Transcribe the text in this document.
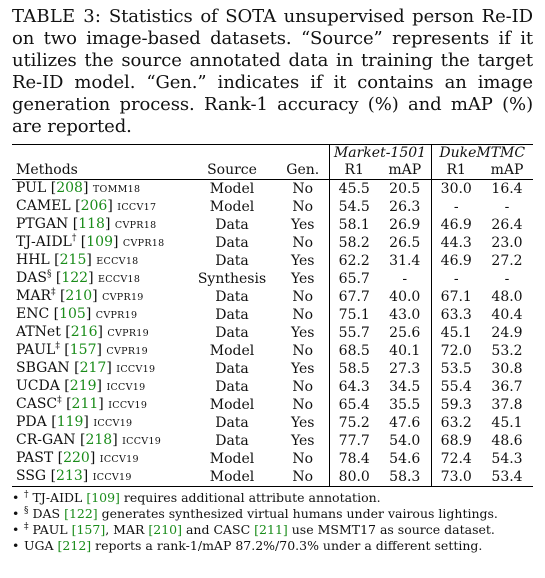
TABLE 3: Statistics of SOTA unsupervised person Re-ID on two image-based datasets. “Source” represents if it utilizes the source annotated data in training the target Re-ID model. “Gen.” indicates if it contains an image generation process. Rank-1 accuracy (%) and mAP (%) are reported.

			Market-1501		DukeMTMC	
Methods	Source	Gen.	R1	mAP	R1	mAP
PUL [208] TOMM18	Model	No	45.5	20.5	30.0	16.4
CAMEL [206] ICCV17	Model	No	54.5	26.3	-	-
PTGAN [118] CVPR18	Data	Yes	58.1	26.9	46.9	26.4
TJ-AIDL† [109] CVPR18	Data	No	58.2	26.5	44.3	23.0
HHL [215] ECCV18	Data	Yes	62.2	31.4	46.9	27.2
DAS§ [122] ECCV18	Synthesis	Yes	65.7	-	-	-
MAR‡ [210] CVPR19	Data	No	67.7	40.0	67.1	48.0
ENC [105] CVPR19	Data	No	75.1	43.0	63.3	40.4
ATNet [216] CVPR19	Data	Yes	55.7	25.6	45.1	24.9
PAUL‡ [157] CVPR19	Model	No	68.5	40.1	72.0	53.2
SBGAN [217] ICCV19	Data	Yes	58.5	27.3	53.5	30.8
UCDA [219] ICCV19	Data	No	64.3	34.5	55.4	36.7
CASC‡ [211] ICCV19	Model	No	65.4	35.5	59.3	37.8
PDA [119] ICCV19	Data	Yes	75.2	47.6	63.2	45.1
CR-GAN [218] ICCV19	Data	Yes	77.7	54.0	68.9	48.6
PAST [220] ICCV19	Model	No	78.4	54.6	72.4	54.3
SSG [213] ICCV19	Model	No	80.0	58.3	73.0	53.4
• † TJ-AIDL [109] requires additional attribute annotation.
• § DAS [122] generates synthesized virtual humans under vairous lightings.
• ‡ PAUL [157], MAR [210] and CASC [211] use MSMT17 as source dataset.
• UGA [212] reports a rank-1/mAP 87.2%/70.3% under a different setting.
